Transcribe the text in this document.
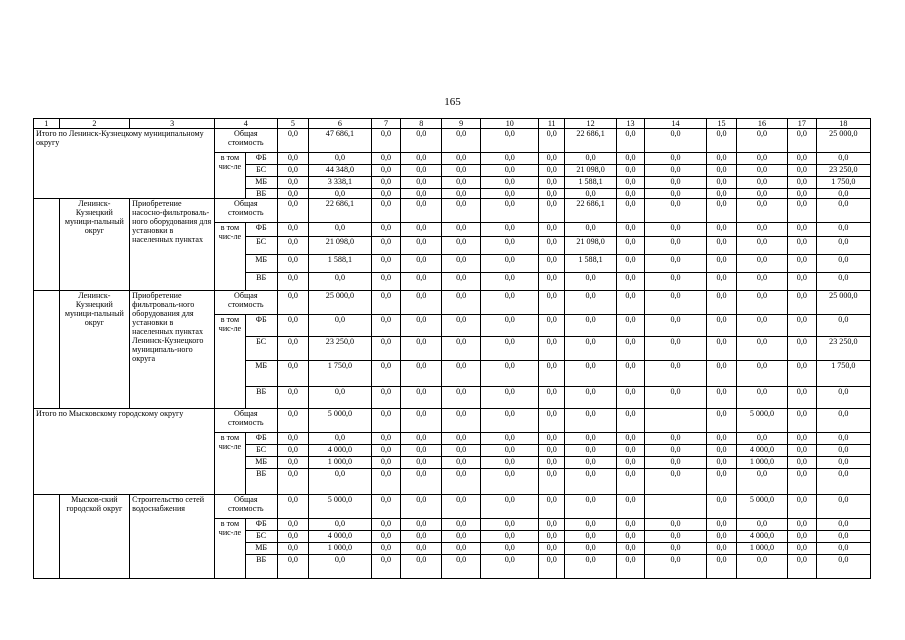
165
1	2	3	4		5	6	7	8	9	10	11	12	13	14	15	16	17	18
Итого по Ленинск-Кузнецкому муниципальному округу			Общая стоимость		0,0	47 686,1	0,0	0,0	0,0	0,0	0,0	22 686,1	0,0	0,0	0,0	0,0	0,0	25 000,0
			в том чис-ле	ФБ	0,0	0,0	0,0	0,0	0,0	0,0	0,0	0,0	0,0	0,0	0,0	0,0	0,0	0,0
				БС	0,0	44 348,0	0,0	0,0	0,0	0,0	0,0	21 098,0	0,0	0,0	0,0	0,0	0,0	23 250,0
				МБ	0,0	3 338,1	0,0	0,0	0,0	0,0	0,0	1 588,1	0,0	0,0	0,0	0,0	0,0	1 750,0
				ВБ	0,0	0,0	0,0	0,0	0,0	0,0	0,0	0,0	0,0	0,0	0,0	0,0	0,0	0,0
	Ленинск-Кузнецкий муници-пальный округ	Приобретение насосно-фильтроваль-ного оборудования для установки в населенных пунктах	Общая стоимость		0,0	22 686,1	0,0	0,0	0,0	0,0	0,0	22 686,1	0,0	0,0	0,0	0,0	0,0	0,0
			в том чис-ле	ФБ	0,0	0,0	0,0	0,0	0,0	0,0	0,0	0,0	0,0	0,0	0,0	0,0	0,0	0,0
				БС	0,0	21 098,0	0,0	0,0	0,0	0,0	0,0	21 098,0	0,0	0,0	0,0	0,0	0,0	0,0
				МБ	0,0	1 588,1	0,0	0,0	0,0	0,0	0,0	1 588,1	0,0	0,0	0,0	0,0	0,0	0,0
				ВБ	0,0	0,0	0,0	0,0	0,0	0,0	0,0	0,0	0,0	0,0	0,0	0,0	0,0	0,0
	Ленинск-Кузнецкий муници-пальный округ	Приобретение фильтроваль-ного оборудования для установки в населенных пунктах Ленинск-Кузнецкого муниципаль-ного округа	Общая стоимость		0,0	25 000,0	0,0	0,0	0,0	0,0	0,0	0,0	0,0	0,0	0,0	0,0	0,0	25 000,0
			в том чис-ле	ФБ	0,0	0,0	0,0	0,0	0,0	0,0	0,0	0,0	0,0	0,0	0,0	0,0	0,0	0,0
				БС	0,0	23 250,0	0,0	0,0	0,0	0,0	0,0	0,0	0,0	0,0	0,0	0,0	0,0	23 250,0
				МБ	0,0	1 750,0	0,0	0,0	0,0	0,0	0,0	0,0	0,0	0,0	0,0	0,0	0,0	1 750,0
				ВБ	0,0	0,0	0,0	0,0	0,0	0,0	0,0	0,0	0,0	0,0	0,0	0,0	0,0	0,0
Итого по Мысковскому городскому округу			Общая стоимость		0,0	5 000,0	0,0	0,0	0,0	0,0	0,0	0,0	0,0		0,0	5 000,0	0,0	0,0
			в том чис-ле	ФБ	0,0	0,0	0,0	0,0	0,0	0,0	0,0	0,0	0,0	0,0	0,0	0,0	0,0	0,0
				БС	0,0	4 000,0	0,0	0,0	0,0	0,0	0,0	0,0	0,0	0,0	0,0	4 000,0	0,0	0,0
				МБ	0,0	1 000,0	0,0	0,0	0,0	0,0	0,0	0,0	0,0	0,0	0,0	1 000,0	0,0	0,0
				ВБ	0,0	0,0	0,0	0,0	0,0	0,0	0,0	0,0	0,0	0,0	0,0	0,0	0,0	0,0
	Мысков-ский городской округ	Строительство сетей водоснабжения	Общая стоимость		0,0	5 000,0	0,0	0,0	0,0	0,0	0,0	0,0	0,0		0,0	5 000,0	0,0	0,0
			в том чис-ле	ФБ	0,0	0,0	0,0	0,0	0,0	0,0	0,0	0,0	0,0	0,0	0,0	0,0	0,0	0,0
				БС	0,0	4 000,0	0,0	0,0	0,0	0,0	0,0	0,0	0,0	0,0	0,0	4 000,0	0,0	0,0
				МБ	0,0	1 000,0	0,0	0,0	0,0	0,0	0,0	0,0	0,0	0,0	0,0	1 000,0	0,0	0,0
				ВБ	0,0	0,0	0,0	0,0	0,0	0,0	0,0	0,0	0,0	0,0	0,0	0,0	0,0	0,0
